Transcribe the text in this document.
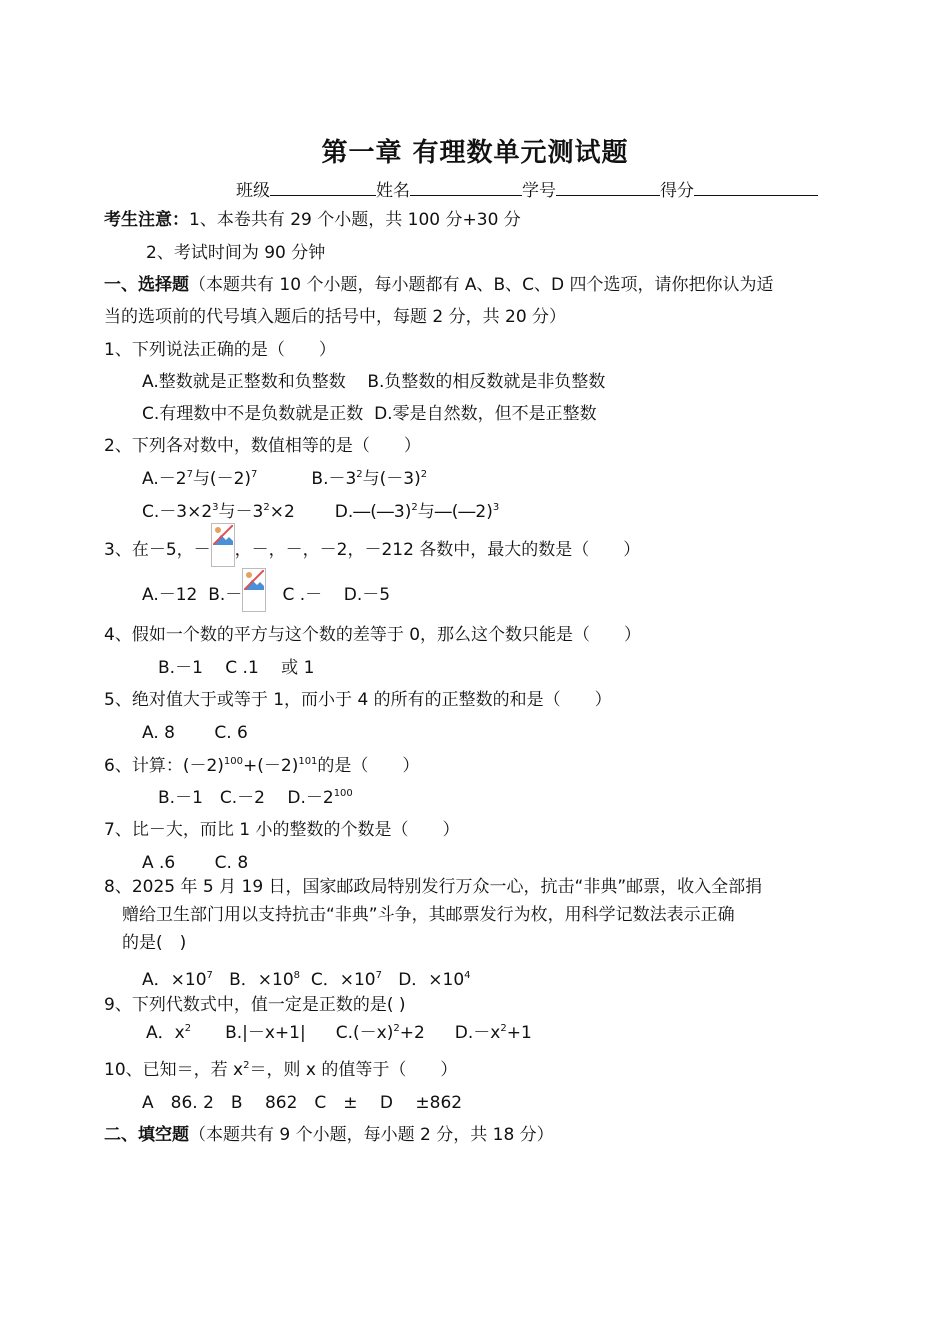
第一章 有理数单元测试题
班级	姓名	学号	得分
考生注意：1、本卷共有 29 个小题，共 100 分+30 分
2、考试时间为 90 分钟
一、选择题（本题共有 10 个小题，每小题都有 A、B、C、D 四个选项，请你把你认为适
当的选项前的代号填入题后的括号中，每题 2 分，共 20 分）
1、下列说法正确的是（　　）
A.整数就是正整数和负整数 B.负整数的相反数就是非负整数
C.有理数中不是负数就是正数 D.零是自然数，但不是正整数
2、下列各对数中，数值相等的是（　　）
$A.-2^7$与$(-2)^7$	$B.-3^2$与$(-3)^2$
$C.-3\times 2^3$与$-3^2\times 2$ D.―(―3)$^2$与―(―2)$^3$
3、在－5，－ ，－，－，－2，－212 各数中，最大的数是（　　）
A.－12 B.－ C .－ D.－5
4、假如一个数的平方与这个数的差等于 0，那么这个数只能是（　　）
B.－1　 C .1　 或 1
5、绝对值大于或等于 1，而小于 4 的所有的正整数的和是（　　）
A. 8　　 C. 6
6、计算：$(-2)^{100}+(-2)^{101}$的是（　　）
B.－1　C.－2　 $D.-2^{100}$
7、比－大，而比 1 小的整数的个数是（　　）
A .6　　 C. 8
8、2025 年 5 月 19 日，国家邮政局特别发行万众一心，抗击“非典”邮票，收入全部捐
赠给卫生部门用以支持抗击“非典”斗争，其邮票发行为枚，用科学记数法表示正确
的是(　)
A．$\times 10^7$ B．$\times 10^8$ C．$\times 10^7$ D．$\times 10^4$
9、下列代数式中，值一定是正数的是( )
A．$x^2$ B.|－x+1| $C.(-x)^2+2$ $D.-x^2+1$
10、已知＝，若 $x^2=$，则 x 的值等于（　　）
A　86. 2　B　 862　C　±　 D　 ±862
二、填空题（本题共有 9 个小题，每小题 2 分，共 18 分）
